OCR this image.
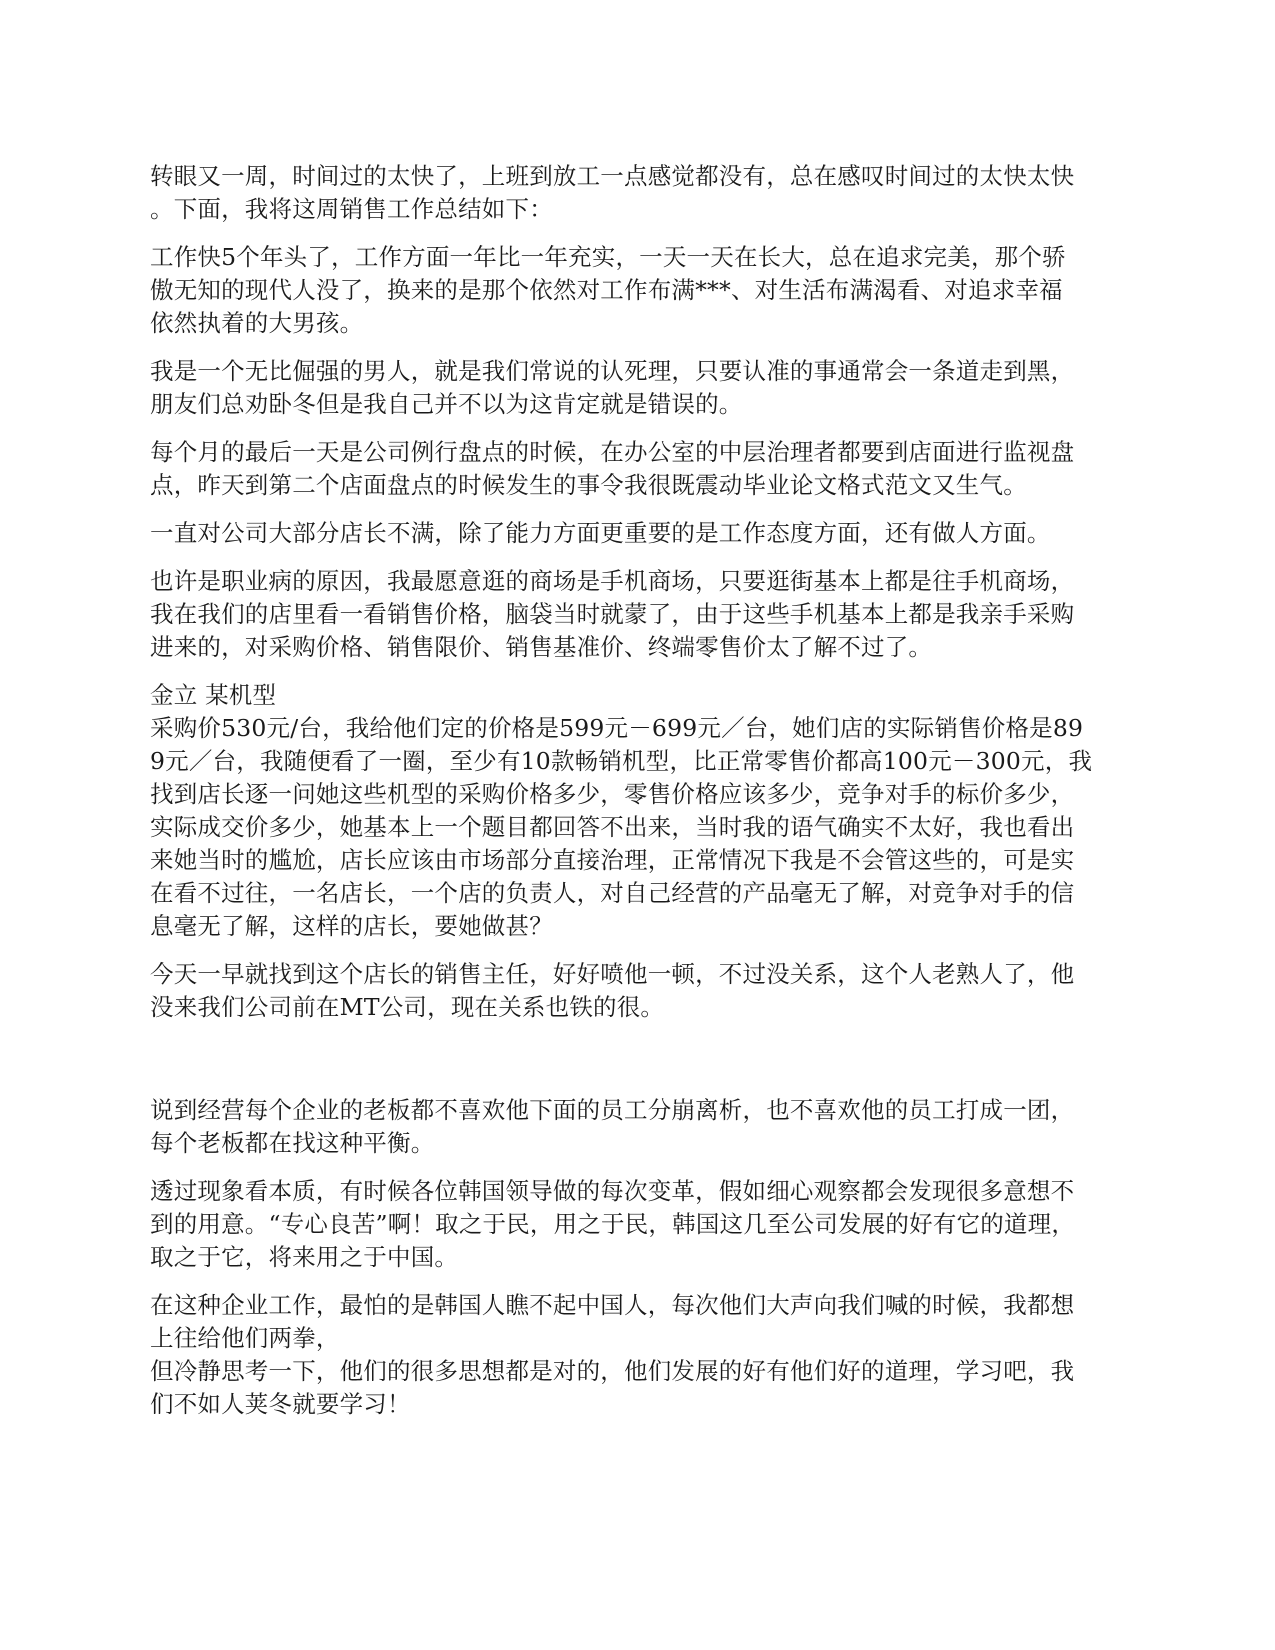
转眼又一周，时间过的太快了，上班到放工一点感觉都没有，总在感叹时间过的太快太快
。下面，我将这周销售工作总结如下：

工作快5个年头了，工作方面一年比一年充实，一天一天在长大，总在追求完美，那个骄
傲无知的现代人没了，换来的是那个依然对工作布满***、对生活布满渴看、对追求幸福
依然执着的大男孩。

我是一个无比倔强的男人，就是我们常说的认死理，只要认准的事通常会一条道走到黑，
朋友们总劝卧冬但是我自己并不以为这肯定就是错误的。

每个月的最后一天是公司例行盘点的时候，在办公室的中层治理者都要到店面进行监视盘
点，昨天到第二个店面盘点的时候发生的事令我很既震动毕业论文格式范文又生气。

一直对公司大部分店长不满，除了能力方面更重要的是工作态度方面，还有做人方面。

也许是职业病的原因，我最愿意逛的商场是手机商场，只要逛街基本上都是往手机商场，
我在我们的店里看一看销售价格，脑袋当时就蒙了，由于这些手机基本上都是我亲手采购
进来的，对采购价格、销售限价、销售基准价、终端零售价太了解不过了。

金立 某机型

采购价530元/台，我给他们定的价格是599元－699元／台，她们店的实际销售价格是89
9元／台，我随便看了一圈，至少有10款畅销机型，比正常零售价都高100元－300元，我
找到店长逐一问她这些机型的采购价格多少，零售价格应该多少，竞争对手的标价多少，
实际成交价多少，她基本上一个题目都回答不出来，当时我的语气确实不太好，我也看出
来她当时的尴尬，店长应该由市场部分直接治理，正常情况下我是不会管这些的，可是实
在看不过往，一名店长，一个店的负责人，对自己经营的产品毫无了解，对竞争对手的信
息毫无了解，这样的店长，要她做甚？

今天一早就找到这个店长的销售主任，好好喷他一顿，不过没关系，这个人老熟人了，他
没来我们公司前在MT公司，现在关系也铁的很。

说到经营每个企业的老板都不喜欢他下面的员工分崩离析，也不喜欢他的员工打成一团，
每个老板都在找这种平衡。

透过现象看本质，有时候各位韩国领导做的每次变革，假如细心观察都会发现很多意想不
到的用意。“专心良苦”啊！取之于民，用之于民，韩国这几至公司发展的好有它的道理，
取之于它，将来用之于中国。

在这种企业工作，最怕的是韩国人瞧不起中国人，每次他们大声向我们喊的时候，我都想
上往给他们两拳，
但冷静思考一下，他们的很多思想都是对的，他们发展的好有他们好的道理，学习吧，我
们不如人荚冬就要学习！
